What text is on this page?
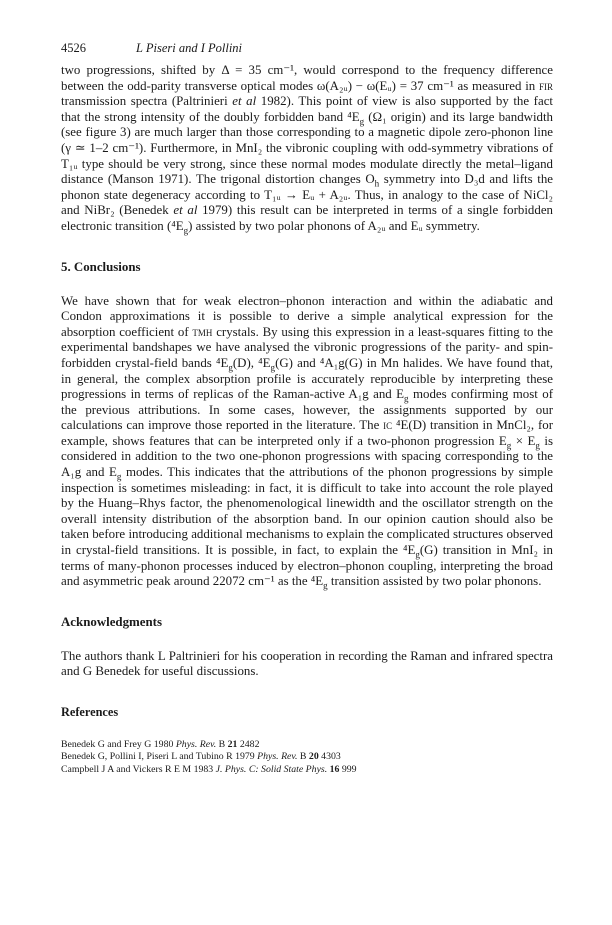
4526	L Piseri and I Pollini

two progressions, shifted by Δ = 35 cm⁻¹, would correspond to the frequency difference between the odd-parity transverse optical modes ω(A₂ᵤ) − ω(Eᵤ) = 37 cm⁻¹ as measured in fir transmission spectra (Paltrinieri et al 1982). This point of view is also supported by the fact that the strong intensity of the doubly forbidden band $^4E_g$ (Ω₁ origin) and its large bandwidth (see figure 3) are much larger than those corresponding to a magnetic dipole zero-phonon line (γ ≃ 1–2 cm⁻¹). Furthermore, in MnI₂ the vibronic coupling with odd-symmetry vibrations of T₁ᵤ type should be very strong, since these normal modes modulate directly the metal–ligand distance (Manson 1971). The trigonal distortion changes $O_h$ symmetry into D₃d and lifts the phonon state degeneracy according to T₁ᵤ → Eᵤ + A₂ᵤ. Thus, in analogy to the case of NiCl₂ and NiBr₂ (Benedek et al 1979) this result can be interpreted in terms of a single forbidden electronic transition $(^4E_g)$ assisted by two polar phonons of A₂ᵤ and Eᵤ symmetry.

5. Conclusions

We have shown that for weak electron–phonon interaction and within the adiabatic and Condon approximations it is possible to derive a simple analytical expression for the absorption coefficient of tmh crystals. By using this expression in a least-squares fitting to the experimental bandshapes we have analysed the vibronic progressions of the parity- and spin-forbidden crystal-field bands $^4E_g(D)$, $^4E_g(G)$ and ⁴A₁g(G) in Mn halides. We have found that, in general, the complex absorption profile is accurately reproducible by interpreting these progressions in terms of replicas of the Raman-active A₁g and $E_g$ modes confirming most of the previous attributions. In some cases, however, the assignments supported by our calculations can improve those reported in the literature. The ic ⁴E(D) transition in MnCl₂, for example, shows features that can be interpreted only if a two-phonon progression $E_g \times E_g$ is considered in addition to the two one-phonon progressions with spacing corresponding to the A₁g and $E_g$ modes. This indicates that the attributions of the phonon progressions by simple inspection is sometimes misleading: in fact, it is difficult to take into account the role played by the Huang–Rhys factor, the phenomenological linewidth and the oscillator strength on the overall intensity distribution of the absorption band. In our opinion caution should also be taken before introducing additional mechanisms to explain the complicated structures observed in crystal-field transitions. It is possible, in fact, to explain the $^4E_g(G)$ transition in MnI₂ in terms of many-phonon processes induced by electron–phonon coupling, interpreting the broad and asymmetric peak around 22072 cm⁻¹ as the $^4E_g$ transition assisted by two polar phonons.

Acknowledgments

The authors thank L Paltrinieri for his cooperation in recording the Raman and infrared spectra and G Benedek for useful discussions.

References
Benedek G and Frey G 1980 Phys. Rev. B 21 2482
Benedek G, Pollini I, Piseri L and Tubino R 1979 Phys. Rev. B 20 4303
Campbell J A and Vickers R E M 1983 J. Phys. C: Solid State Phys. 16 999
